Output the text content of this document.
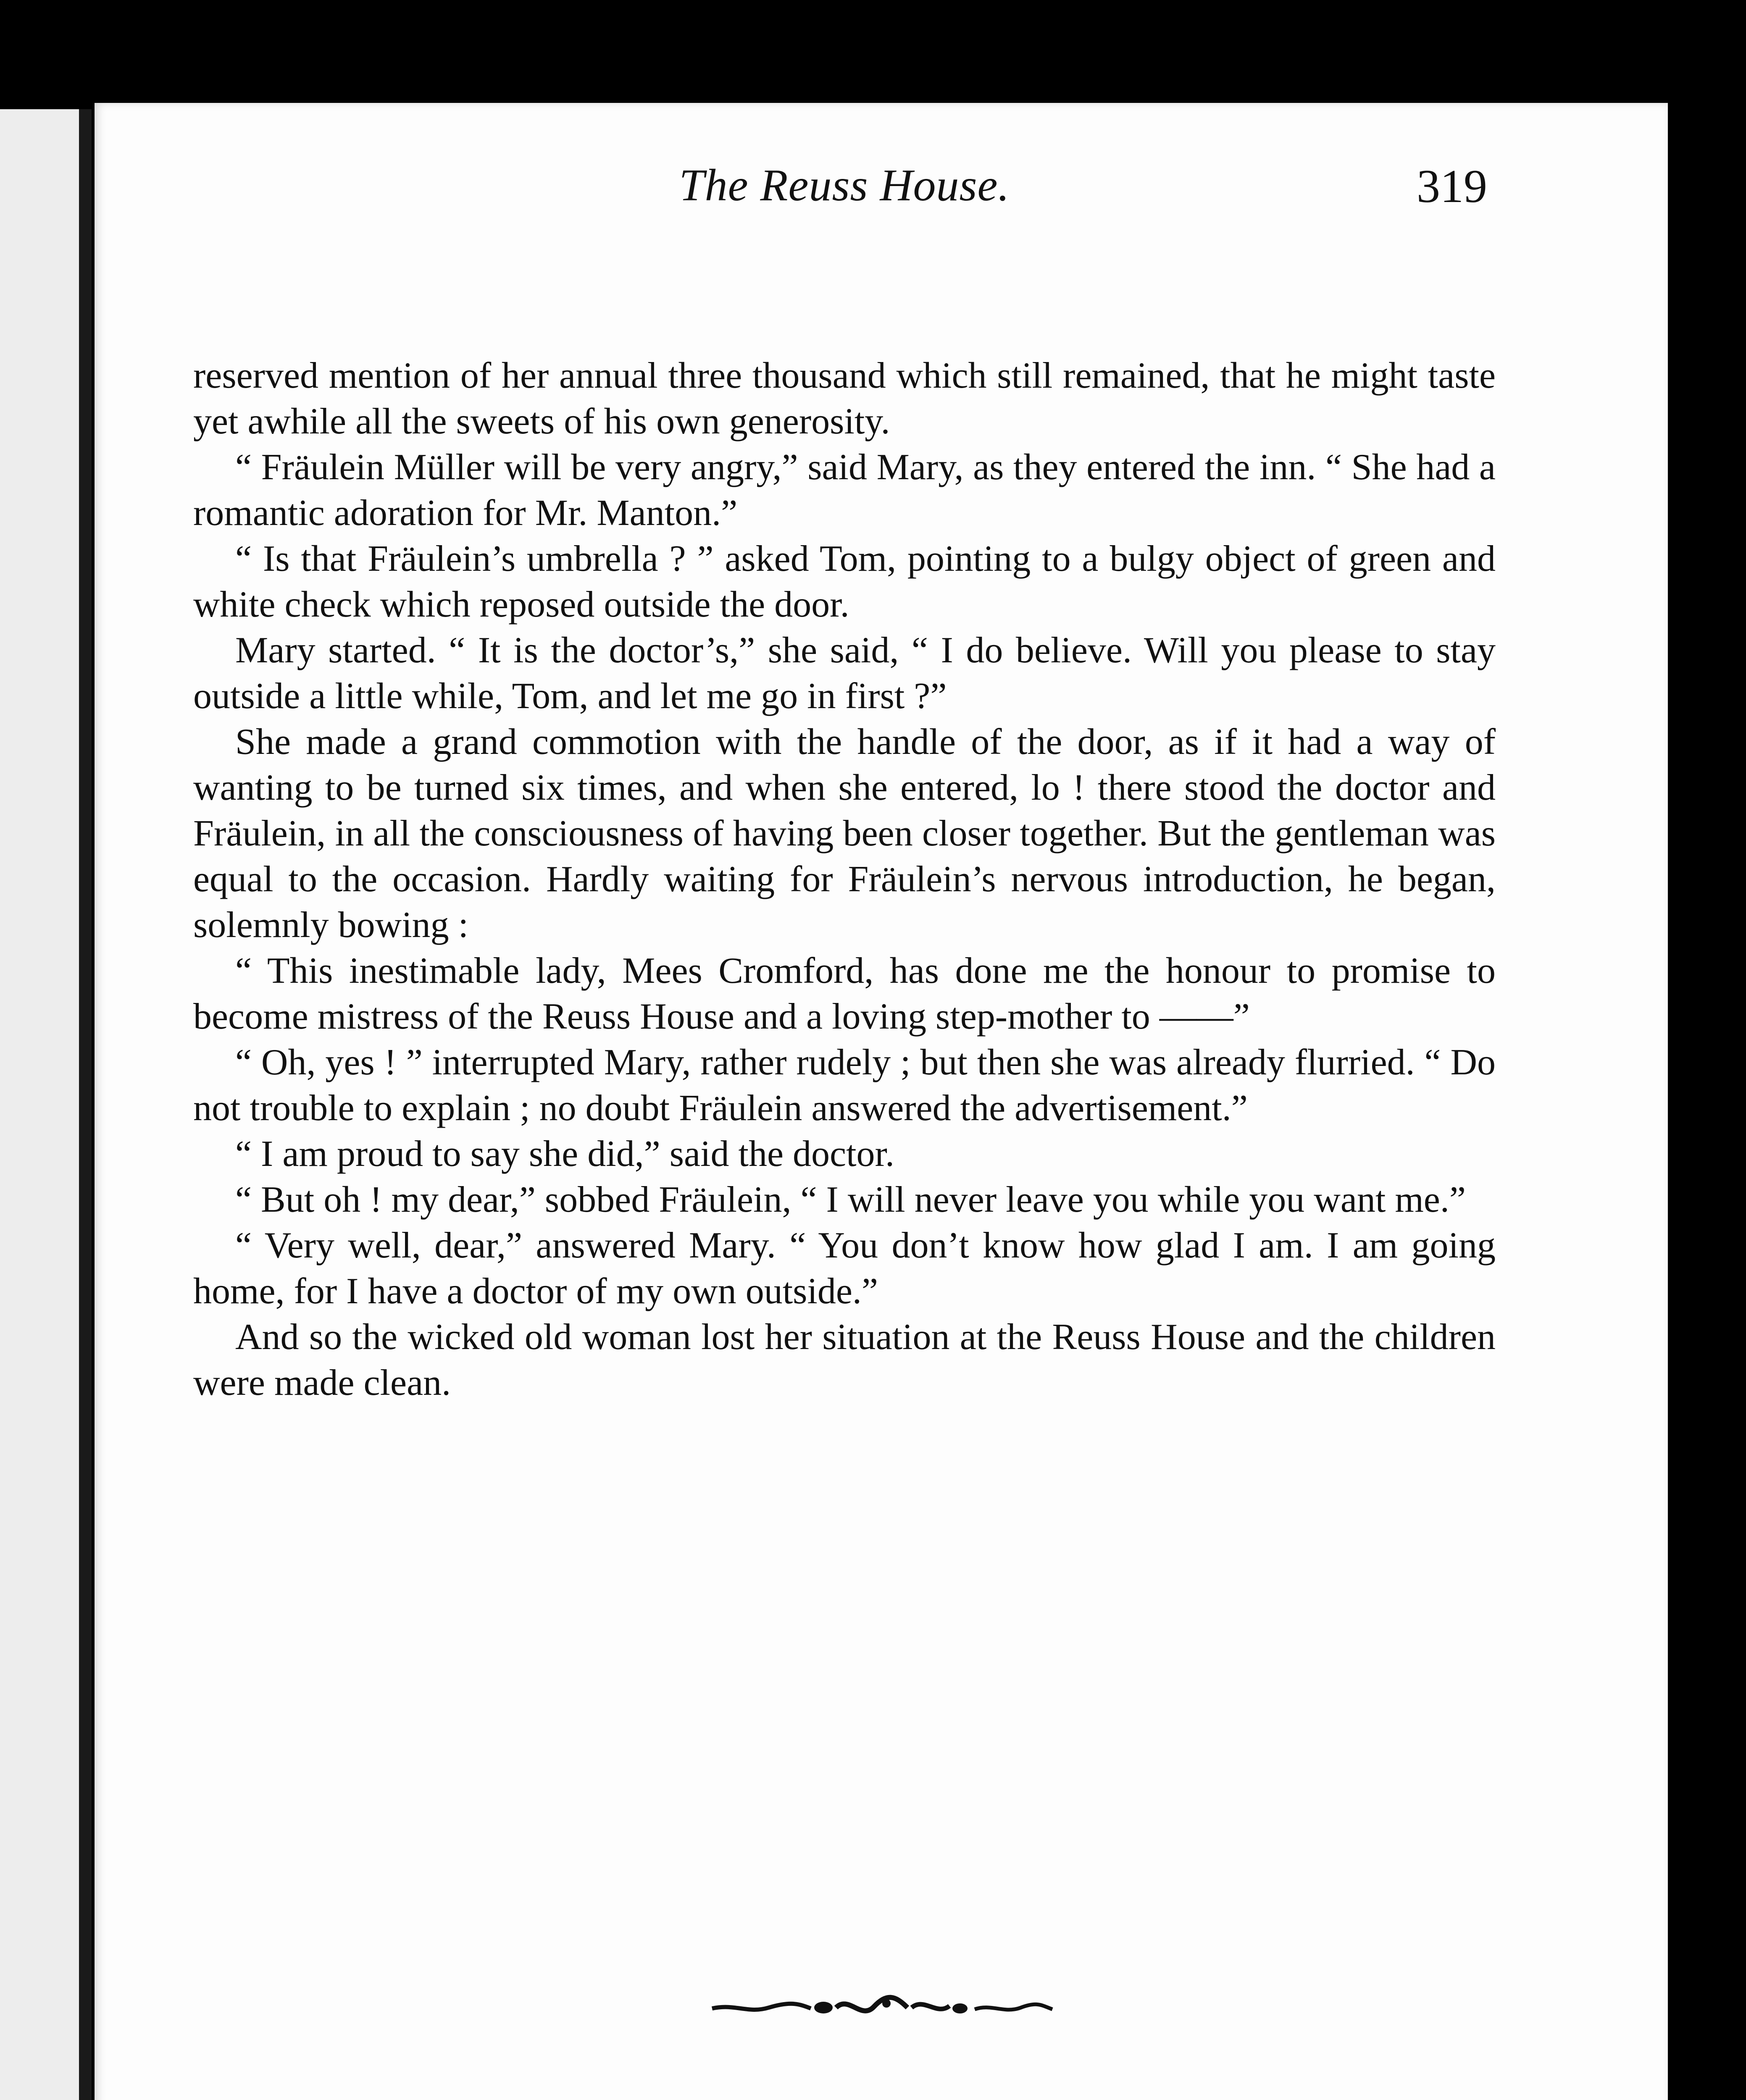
The Reuss House.	319

reserved mention of her annual three thousand which still remained, that he might taste yet awhile all the sweets of his own generosity.

“ Fräulein Müller will be very angry,” said Mary, as they entered the inn. “ She had a romantic adoration for Mr. Manton.”

“ Is that Fräulein’s umbrella ? ” asked Tom, pointing to a bulgy object of green and white check which reposed outside the door.

Mary started. “ It is the doctor’s,” she said, “ I do believe. Will you please to stay outside a little while, Tom, and let me go in first ?”

She made a grand commotion with the handle of the door, as if it had a way of wanting to be turned six times, and when she entered, lo ! there stood the doctor and Fräulein, in all the consciousness of having been closer together. But the gentleman was equal to the occasion. Hardly waiting for Fräulein’s nervous introduction, he began, solemnly bowing :

“ This inestimable lady, Mees Cromford, has done me the honour to promise to become mistress of the Reuss House and a loving step-mother to ——”

“ Oh, yes ! ” interrupted Mary, rather rudely ; but then she was already flurried. “ Do not trouble to explain ; no doubt Fräulein answered the advertisement.”

“ I am proud to say she did,” said the doctor.

“ But oh ! my dear,” sobbed Fräulein, “ I will never leave you while you want me.”

“ Very well, dear,” answered Mary. “ You don’t know how glad I am. I am going home, for I have a doctor of my own outside.”

And so the wicked old woman lost her situation at the Reuss House and the children were made clean.
